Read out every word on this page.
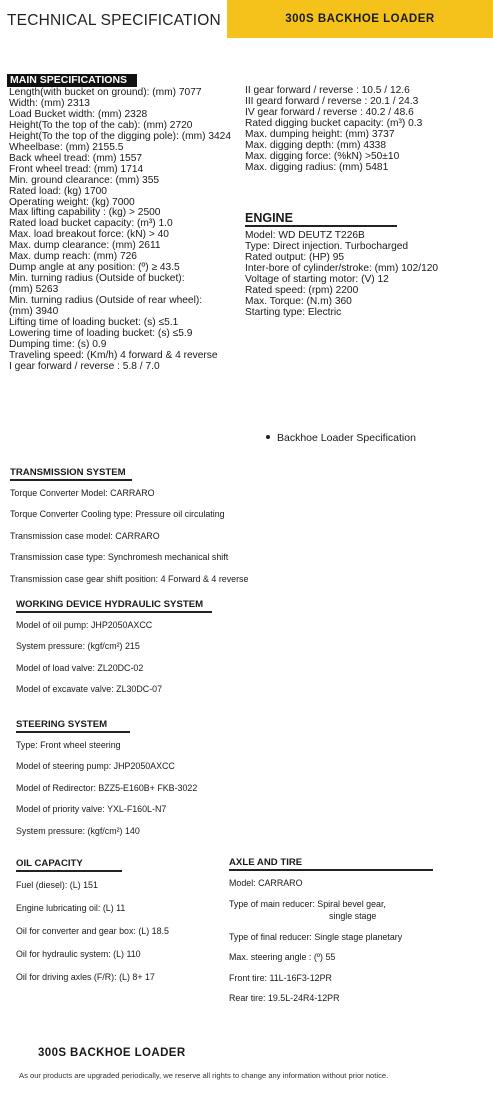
TECHNICAL SPECIFICATION	300S BACKHOE LOADER
MAIN SPECIFICATIONS
Length(with bucket on ground): (mm) 7077
Width: (mm) 2313
Load Bucket width: (mm) 2328
Height(To the top of the cab): (mm) 2720
Height(To the top of the digging pole): (mm) 3424
Wheelbase: (mm) 2155.5
Back wheel tread: (mm) 1557
Front wheel tread: (mm) 1714
Min. ground clearance: (mm) 355
Rated load: (kg) 1700
Operating weight: (kg) 7000
Max lifting capability : (kg) > 2500
Rated load bucket capacity: (m³) 1.0
Max. load breakout force: (kN) > 40
Max. dump clearance: (mm) 2611
Max. dump reach: (mm) 726
Dump angle at any position: (º) ≥ 43.5
Min. turning radius (Outside of bucket):
(mm) 5263
Min. turning radius (Outside of rear wheel):
(mm) 3940
Lifting time of loading bucket: (s) ≤5.1
Lowering time of loading bucket: (s) ≤5.9
Dumping time: (s) 0.9
Traveling speed: (Km/h) 4 forward & 4 reverse
I gear forward / reverse : 5.8 / 7.0
II gear forward / reverse : 10.5 / 12.6
III geard forward / reverse : 20.1 / 24.3
IV gear forward / reverse : 40.2 / 48.6
Rated digging bucket capacity: (m³) 0.3
Max. dumping height: (mm) 3737
Max. digging depth: (mm) 4338
Max. digging force: (%kN) >50±10
Max. digging radius: (mm) 5481
ENGINE
Model: WD DEUTZ T226B
Type: Direct injection. Turbocharged
Rated output: (HP) 95
Inter-bore of cylinder/stroke: (mm) 102/120
Voltage of starting motor: (V) 12
Rated speed: (rpm) 2200
Max. Torque: (N.m) 360
Starting type: Electric
Backhoe Loader Specification
TRANSMISSION SYSTEM
Torque Converter Model: CARRARO
Torque Converter Cooling type: Pressure oil circulating
Transmission case model: CARRARO
Transmission case type: Synchromesh mechanical shift
Transmission case gear shift position: 4 Forward & 4 reverse
WORKING DEVICE HYDRAULIC SYSTEM
Model of oil pump: JHP2050AXCC
System pressure: (kgf/cm²) 215
Model of load valve: ZL20DC-02
Model of excavate valve: ZL30DC-07
STEERING SYSTEM
Type: Front wheel steering
Model of steering pump: JHP2050AXCC
Model of Redirector: BZZ5-E160B+ FKB-3022
Model of priority valve: YXL-F160L-N7
System pressure: (kgf/cm²) 140
OIL CAPACITY
Fuel (diesel): (L) 151
Engine lubricating oil: (L) 11
Oil for converter and gear box: (L) 18.5
Oil for hydraulic system: (L) 110
Oil for driving axles (F/R): (L) 8+ 17
AXLE AND TIRE
Model: CARRARO
Type of main reducer: Spiral bevel gear,
single stage
Type of final reducer: Single stage planetary
Max. steering angle : (º) 55
Front tire: 11L-16F3-12PR
Rear tire: 19.5L-24R4-12PR
300S BACKHOE LOADER
As our products are upgraded periodically, we reserve all rights to change any information without prior notice.
